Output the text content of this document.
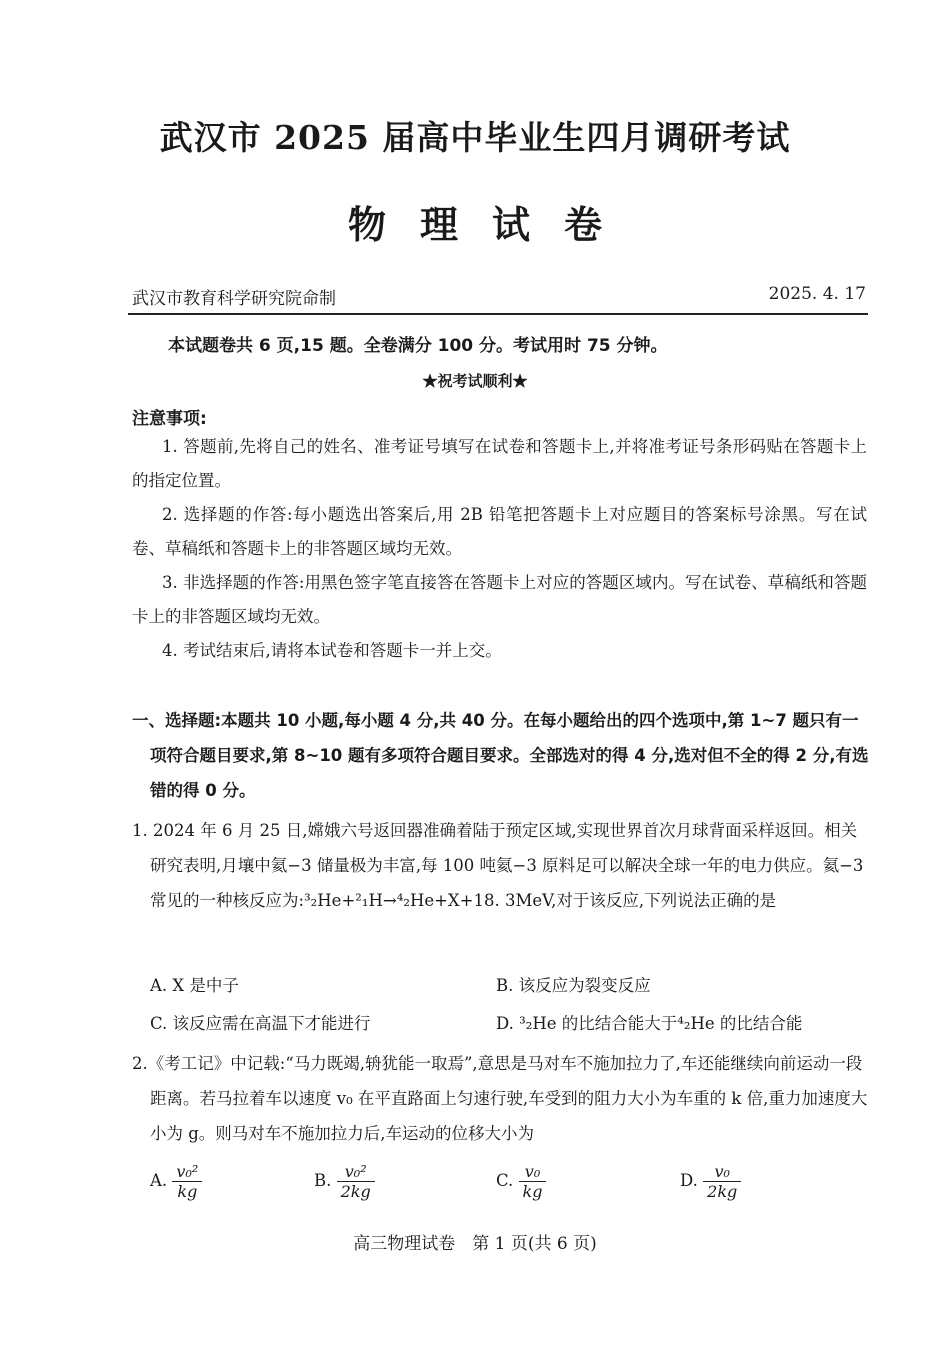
武汉市 2025 届高中毕业生四月调研考试
物理试卷
武汉市教育科学研究院命制	2025. 4. 17
本试题卷共 6 页,15 题。全卷满分 100 分。考试用时 75 分钟。
★祝考试顺利★
注意事项:
1. 答题前,先将自己的姓名、准考证号填写在试卷和答题卡上,并将准考证号条形码贴在答题卡上的指定位置。
2. 选择题的作答:每小题选出答案后,用 2B 铅笔把答题卡上对应题目的答案标号涂黑。写在试卷、草稿纸和答题卡上的非答题区域均无效。
3. 非选择题的作答:用黑色签字笔直接答在答题卡上对应的答题区域内。写在试卷、草稿纸和答题卡上的非答题区域均无效。
4. 考试结束后,请将本试卷和答题卡一并上交。
一、选择题:本题共 10 小题,每小题 4 分,共 40 分。在每小题给出的四个选项中,第 1~7 题只有一项符合题目要求,第 8~10 题有多项符合题目要求。全部选对的得 4 分,选对但不全的得 2 分,有选错的得 0 分。
1. 2024 年 6 月 25 日,嫦娥六号返回器准确着陆于预定区域,实现世界首次月球背面采样返回。相关研究表明,月壤中氦−3 储量极为丰富,每 100 吨氦−3 原料足可以解决全球一年的电力供应。氦−3 常见的一种核反应为:³₂He+²₁H→⁴₂He+X+18. 3MeV,对于该反应,下列说法正确的是
A. X 是中子	B. 该反应为裂变反应
C. 该反应需在高温下才能进行	D. ³₂He 的比结合能大于⁴₂He 的比结合能
2.《考工记》中记载:“马力既竭,辀犹能一取焉”,意思是马对车不施加拉力了,车还能继续向前运动一段距离。若马拉着车以速度 v₀ 在平直路面上匀速行驶,车受到的阻力大小为车重的 k 倍,重力加速度大小为 g。则马对车不施加拉力后,车运动的位移大小为
A. $\frac{\text{v₀²}}{kg}$	B. $\frac{\text{v₀²}}{2kg}$	C. $\frac{\text{v₀}}{kg}$	D. $\frac{\text{v₀}}{2kg}$
高三物理试卷　第 1 页(共 6 页)
